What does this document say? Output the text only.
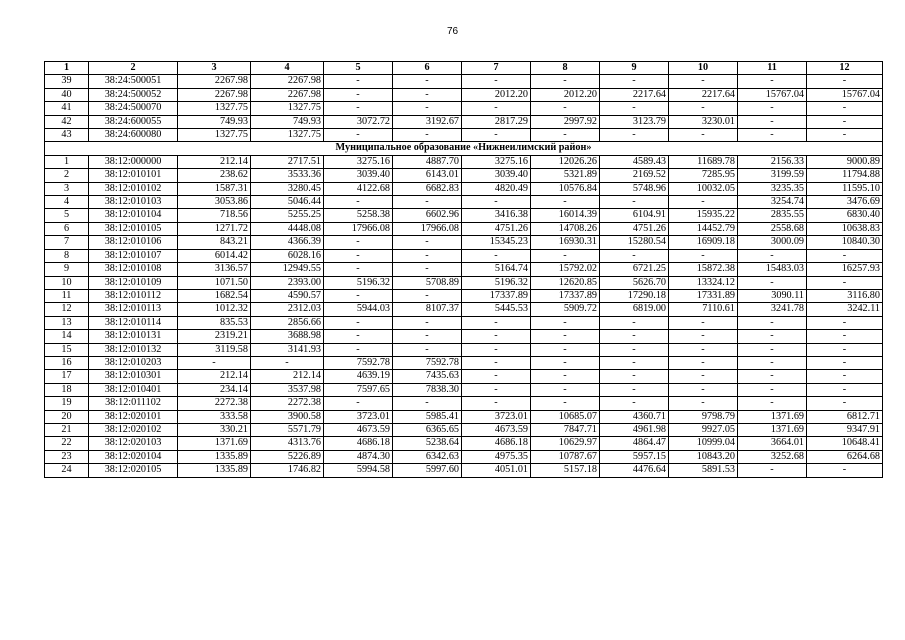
76
1	2	3	4	5	6	7	8	9	10	11	12
39	38:24:500051	2267.98	2267.98	-	-	-	-	-	-	-	-
40	38:24:500052	2267.98	2267.98	-	-	2012.20	2012.20	2217.64	2217.64	15767.04	15767.04
41	38:24:500070	1327.75	1327.75	-	-	-	-	-	-	-	-
42	38:24:600055	749.93	749.93	3072.72	3192.67	2817.29	2997.92	3123.79	3230.01	-	-
43	38:24:600080	1327.75	1327.75	-	-	-	-	-	-	-	-
Муниципальное образование «Нижнеилимский район»											
1	38:12:000000	212.14	2717.51	3275.16	4887.70	3275.16	12026.26	4589.43	11689.78	2156.33	9000.89
2	38:12:010101	238.62	3533.36	3039.40	6143.01	3039.40	5321.89	2169.52	7285.95	3199.59	11794.88
3	38:12:010102	1587.31	3280.45	4122.68	6682.83	4820.49	10576.84	5748.96	10032.05	3235.35	11595.10
4	38:12:010103	3053.86	5046.44	-	-	-	-	-	-	3254.74	3476.69
5	38:12:010104	718.56	5255.25	5258.38	6602.96	3416.38	16014.39	6104.91	15935.22	2835.55	6830.40
6	38:12:010105	1271.72	4448.08	17966.08	17966.08	4751.26	14708.26	4751.26	14452.79	2558.68	10638.83
7	38:12:010106	843.21	4366.39	-	-	15345.23	16930.31	15280.54	16909.18	3000.09	10840.30
8	38:12:010107	6014.42	6028.16	-	-	-	-	-	-	-	-
9	38:12:010108	3136.57	12949.55	-	-	5164.74	15792.02	6721.25	15872.38	15483.03	16257.93
10	38:12:010109	1071.50	2393.00	5196.32	5708.89	5196.32	12620.85	5626.70	13324.12	-	-
11	38:12:010112	1682.54	4590.57	-	-	17337.89	17337.89	17290.18	17331.89	3090.11	3116.80
12	38:12:010113	1012.32	2312.03	5944.03	8107.37	5445.53	5909.72	6819.00	7110.61	3241.78	3242.11
13	38:12:010114	835.53	2856.66	-	-	-	-	-	-	-	-
14	38:12:010131	2319.21	3688.98	-	-	-	-	-	-	-	-
15	38:12:010132	3119.58	3141.93	-	-	-	-	-	-	-	-
16	38:12:010203	-	-	7592.78	7592.78	-	-	-	-	-	-
17	38:12:010301	212.14	212.14	4639.19	7435.63	-	-	-	-	-	-
18	38:12:010401	234.14	3537.98	7597.65	7838.30	-	-	-	-	-	-
19	38:12:011102	2272.38	2272.38	-	-	-	-	-	-	-	-
20	38:12:020101	333.58	3900.58	3723.01	5985.41	3723.01	10685.07	4360.71	9798.79	1371.69	6812.71
21	38:12:020102	330.21	5571.79	4673.59	6365.65	4673.59	7847.71	4961.98	9927.05	1371.69	9347.91
22	38:12:020103	1371.69	4313.76	4686.18	5238.64	4686.18	10629.97	4864.47	10999.04	3664.01	10648.41
23	38:12:020104	1335.89	5226.89	4874.30	6342.63	4975.35	10787.67	5957.15	10843.20	3252.68	6264.68
24	38:12:020105	1335.89	1746.82	5994.58	5997.60	4051.01	5157.18	4476.64	5891.53	-	-
